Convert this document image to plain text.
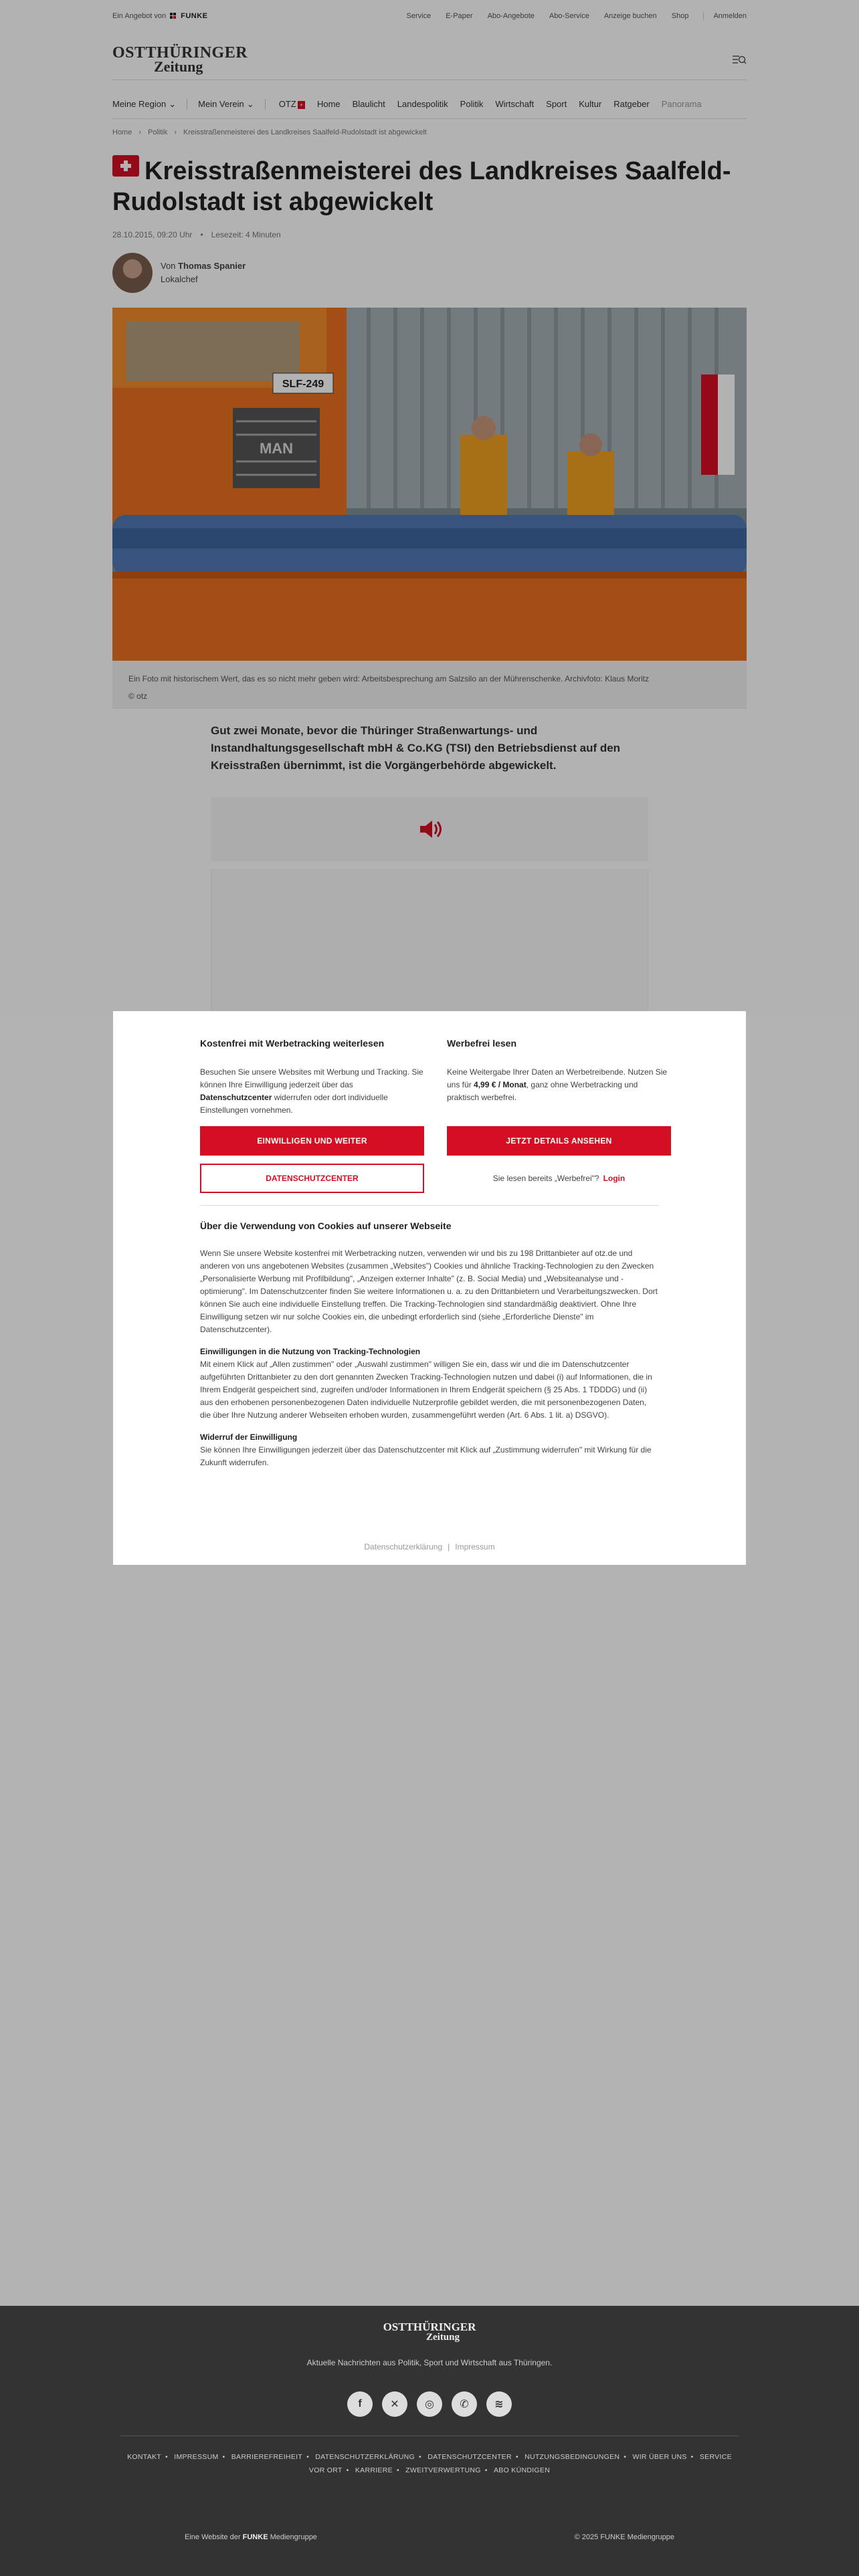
Ein Angebot von FUNKE	Service E-Paper Abo-Angebote Abo-Service Anzeige buchen Shop	Anmelden
OSTTHÜRINGER
Zeitung
Meine Region ⌄	Mein Verein ⌄	OTZ + Home Blaulicht Landespolitik Politik Wirtschaft Sport Kultur Ratgeber Panorama
Home › Politik › Kreisstraßenmeisterei des Landkreises Saalfeld-Rudolstadt ist abgewickelt
Kreisstraßenmeisterei des Landkreises Saalfeld-Rudolstadt ist abgewickelt
28.10.2015, 09:20 Uhr • Lesezeit: 4 Minuten
Von Thomas Spanier
Lokalchef
SLF-249
MAN
Ein Foto mit historischem Wert, das es so nicht mehr geben wird: Arbeitsbesprechung am Salzsilo an der Mührenschenke. Archivfoto: Klaus Moritz
© otz

Gut zwei Monate, bevor die Thüringer Straßenwartungs- und Instandhaltungsgesellschaft mbH & Co.KG (TSI) den Betriebsdienst auf den Kreisstraßen übernimmt, ist die Vorgängerbehörde abgewickelt.

Kostenfrei mit Werbetracking weiterlesen

Besuchen Sie unsere Websites mit Werbung und Tracking. Sie können Ihre Einwilligung jederzeit über das Datenschutzcenter widerrufen oder dort individuelle Einstellungen vornehmen.

EINWILLIGEN UND WEITER
DATENSCHUTZCENTER
Werbefrei lesen

Keine Weitergabe Ihrer Daten an Werbetreibende. Nutzen Sie uns für 4,99 € / Monat, ganz ohne Werbetracking und praktisch werbefrei.

JETZT DETAILS ANSEHEN
Sie lesen bereits „Werbefrei"? Login
Über die Verwendung von Cookies auf unserer Webseite

Wenn Sie unsere Website kostenfrei mit Werbetracking nutzen, verwenden wir und bis zu 198 Drittanbieter auf otz.de und anderen von uns angebotenen Websites (zusammen „Websites") Cookies und ähnliche Tracking-Technologien zu den Zwecken „Personalisierte Werbung mit Profilbildung", „Anzeigen externer Inhalte" (z. B. Social Media) und „Websiteanalyse und -optimierung". Im Datenschutzcenter finden Sie weitere Informationen u. a. zu den Drittanbietern und Verarbeitungszwecken. Dort können Sie auch eine individuelle Einstellung treffen. Die Tracking-Technologien sind standardmäßig deaktiviert. Ohne Ihre Einwilligung setzen wir nur solche Cookies ein, die unbedingt erforderlich sind (siehe „Erforderliche Dienste" im Datenschutzcenter).

Einwilligungen in die Nutzung von Tracking-Technologien

Mit einem Klick auf „Allen zustimmen" oder „Auswahl zustimmen" willigen Sie ein, dass wir und die im Datenschutzcenter aufgeführten Drittanbieter zu den dort genannten Zwecken Tracking-Technologien nutzen und dabei (i) auf Informationen, die in Ihrem Endgerät gespeichert sind, zugreifen und/oder Informationen in Ihrem Endgerät speichern (§ 25 Abs. 1 TDDDG) und (ii) aus den erhobenen personenbezogenen Daten individuelle Nutzerprofile gebildet werden, die mit personenbezogenen Daten, die über Ihre Nutzung anderer Webseiten erhoben wurden, zusammengeführt werden (Art. 6 Abs. 1 lit. a) DSGVO).

Widerruf der Einwilligung

Sie können Ihre Einwilligungen jederzeit über das Datenschutzcenter mit Klick auf „Zustimmung widerrufen" mit Wirkung für die Zukunft widerrufen.

Datenschutzerklärung | Impressum
OSTTHÜRINGER
Zeitung
Aktuelle Nachrichten aus Politik, Sport und Wirtschaft aus Thüringen.
f	✕	◎	✆	≋
KONTAKT • IMPRESSUM • BARRIEREFREIHEIT • DATENSCHUTZERKLÄRUNG • DATENSCHUTZCENTER • NUTZUNGSBEDINGUNGEN • WIR ÜBER UNS • SERVICE
VOR ORT • KARRIERE • ZWEITVERWERTUNG • ABO KÜNDIGEN
Eine Website der FUNKE Mediengruppe	© 2025 FUNKE Mediengruppe
